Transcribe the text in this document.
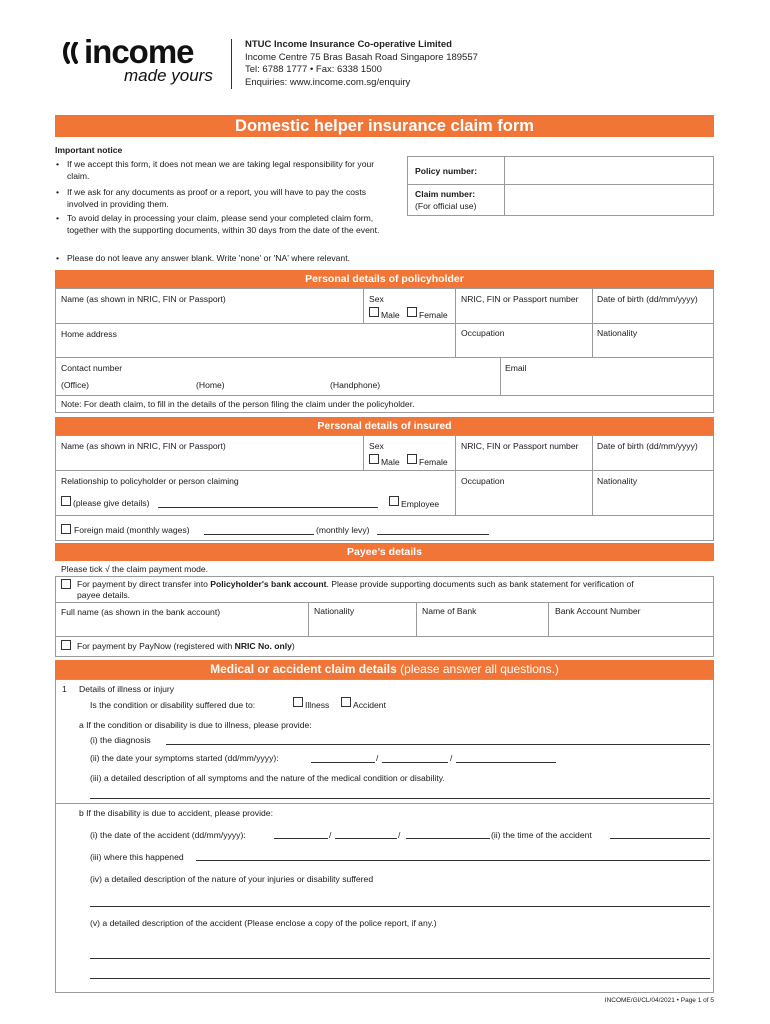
income
made yours
NTUC Income Insurance Co-operative Limited
Income Centre 75 Bras Basah Road Singapore 189557
Tel: 6788 1777 • Fax: 6338 1500
Enquiries: www.income.com.sg/enquiry
Domestic helper insurance claim form
Important notice
• If we accept this form, it does not mean we are taking legal responsibility for your claim.
• If we ask for any documents as proof or a report, you will have to pay the costs involved in providing them.
• To avoid delay in processing your claim, please send your completed claim form, together with the supporting documents, within 30 days from the date of the event.
• Please do not leave any answer blank. Write 'none' or 'NA' where relevant.
Policy number:
Claim number:
(For official use)
Personal details of policyholder
Name (as shown in NRIC, FIN or Passport)	Sex
Male Female
NRIC, FIN or Passport number Date of birth (dd/mm/yyyy)
Home address	Occupation	Nationality
Contact number	Email
(Office)	(Home)	(Handphone)
Note: For death claim, to fill in the details of the person filing the claim under the policyholder.
Personal details of insured
Name (as shown in NRIC, FIN or Passport)	Sex
Male Female
NRIC, FIN or Passport number Date of birth (dd/mm/yyyy)
Relationship to policyholder or person claiming	Occupation	Nationality
(please give details)	Employee
Foreign maid (monthly wages)	(monthly levy)
Payee’s details
Please tick √ the claim payment mode.
For payment by direct transfer into Policyholder's bank account. Please provide supporting documents such as bank statement for verification of
payee details.
Full name (as shown in the bank account)	Nationality	Name of Bank	Bank Account Number
For payment by PayNow (registered with NRIC No. only)
Medical or accident claim details (please answer all questions.)
1 Details of illness or injury
Is the condition or disability suffered due to:	Illness	Accident
a If the condition or disability is due to illness, please provide:
(i) the diagnosis
(ii) the date your symptoms started (dd/mm/yyyy):	/	/
(iii) a detailed description of all symptoms and the nature of the medical condition or disability.
b If the disability is due to accident, please provide:
(i) the date of the accident (dd/mm/yyyy):	/	/	(ii) the time of the accident
(iii) where this happened
(iv) a detailed description of the nature of your injuries or disability suffered
(v) a detailed description of the accident (Please enclose a copy of the police report, if any.)
INCOME/GI/CL/04/2021 • Page 1 of 5
